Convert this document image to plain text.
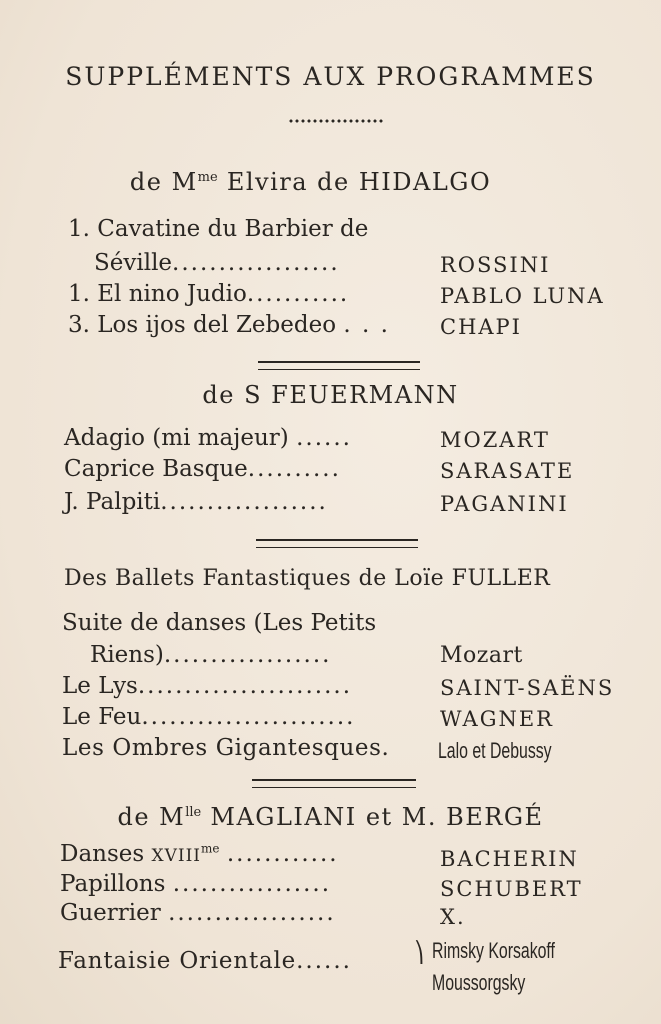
SUPPLÉMENTS AUX PROGRAMMES
de $M^{me}$ Elvira de HIDALGO
1. Cavatine du Barbier de
Séville..................	ROSSINI
1. El nino Judio...........	PABLO LUNA
3. Los ijos del Zebedeo . . . CHAPI
de S FEUERMANN
Adagio (mi majeur) ......	MOZART
Caprice Basque..........	SARASATE
J. Palpiti..................	PAGANINI
Des Ballets Fantastiques de Loïe FULLER
Suite de danses (Les Petits
Riens)..................	Mozart
Le Lys.......................	SAINT-SAËNS
Le Feu.......................	WAGNER
Les Ombres Gigantesques. Lalo et Debussy
de $M^{lle}$ MAGLIANI et M. BERGÉ
Danses $XVIII^{me}$ ............	BACHERIN
Papillons .................	SCHUBERT
Guerrier ..................	X.
Fantaisie Orientale......	⎞ Rimsky Korsakoff
Moussorgsky
